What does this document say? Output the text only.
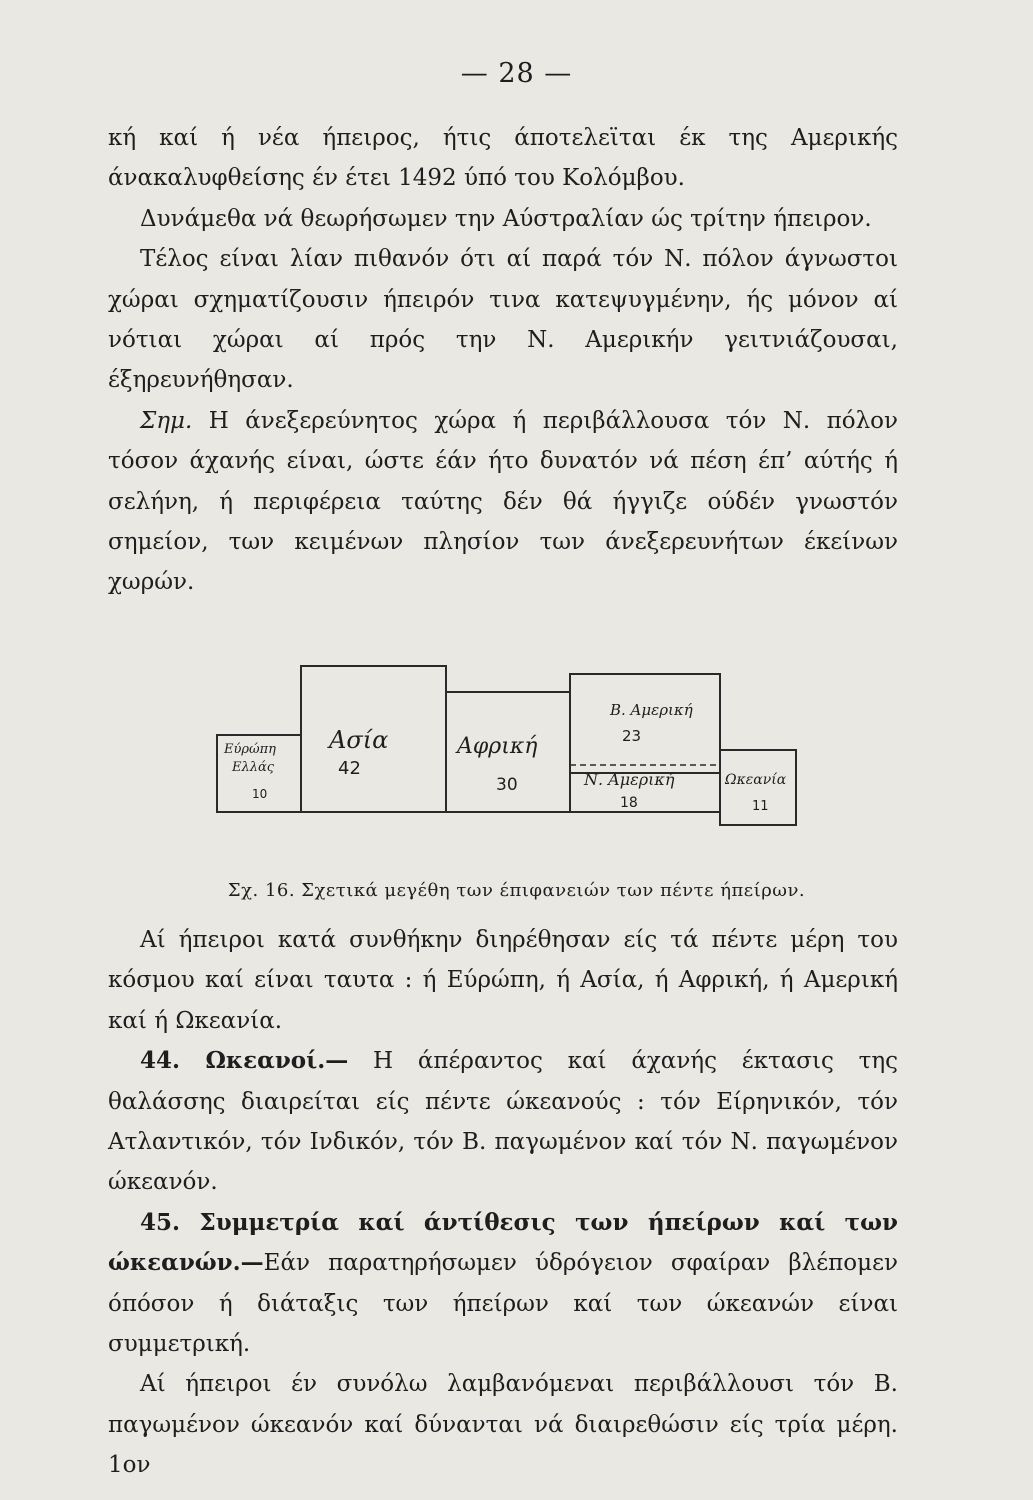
— 28 —

κή καί ή νέα ήπειρος, ήτις άποτελεϊται έκ της Αμερικής άνακαλυφθείσης έν έτει 1492 ύπό του Κολόμβου.

Δυνάμεθα νά θεωρήσωμεν την Αύστραλίαν ώς τρίτην ήπειρον.

Τέλος είναι λίαν πιθανόν ότι αί παρά τόν Ν. πόλον άγνωστοι χώραι σχηματίζουσιν ήπειρόν τινα κατεψυγμένην, ής μόνον αί νότιαι χώραι αί πρός την Ν. Αμερικήν γειτνιάζουσαι, έξηρευνήθησαν.

Σημ. Η άνεξερεύνητος χώρα ή περιβάλλουσα τόν Ν. πόλον τόσον άχανής είναι, ώστε έάν ήτο δυνατόν νά πέση έπ’ αύτής ή σελήνη, ή περιφέρεια ταύτης δέν θά ήγγιζε ούδέν γνωστόν σημείον, των κειμένων πλησίον των άνεξερευνήτων έκείνων χωρών.

Εύρώπη
Ελλάς
10
Ασία
42
Αφρική
30
Β. Αμερική
23
Ν. Αμερική
18
Ωκεανία
11
Σχ. 16. Σχετικά μεγέθη των έπιφανειών των πέντε ήπείρων.

Αί ήπειροι κατά συνθήκην διηρέθησαν είς τά πέντε μέρη του κόσμου καί είναι ταυτα : ή Εύρώπη, ή Ασία, ή Αφρική, ή Αμερική καί ή Ωκεανία.

44. Ωκεανοί.— Η άπέραντος καί άχανής έκτασις της θαλάσσης διαιρείται είς πέντε ώκεανούς : τόν Είρηνικόν, τόν Ατλαντικόν, τόν Ινδικόν, τόν Β. παγωμένον καί τόν Ν. παγωμένον ώκεανόν.

45. Συμμετρία καί άντίθεσις των ήπείρων καί των ώκεανών.—Εάν παρατηρήσωμεν ύδρόγειον σφαίραν βλέπομεν όπόσον ή διάταξις των ήπείρων καί των ώκεανών είναι συμμετρική.

Αί ήπειροι έν συνόλω λαμβανόμεναι περιβάλλουσι τόν Β. παγωμένον ώκεανόν καί δύνανται νά διαιρεθώσιν είς τρία μέρη. 1ον
